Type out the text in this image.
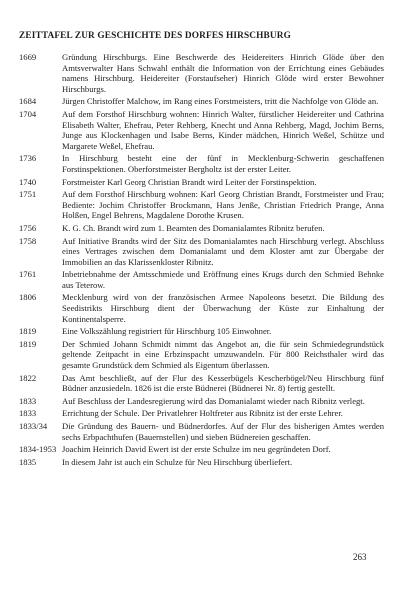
ZEITTAFEL ZUR GESCHICHTE DES DORFES HIRSCHBURG
1669	Gründung Hirschburgs. Eine Beschwerde des Heidereiters Hinrich Glöde über den Amtsverwalter Hans Schwahl enthält die Information von der Errichtung eines Gebäudes namens Hirschburg. Heidereiter (Forstaufseher) Hinrich Glöde wird erster Bewohner Hirschburgs.
1684	Jürgen Christoffer Malchow, im Rang eines Forstmeisters, tritt die Nachfolge von Glöde an.
1704	Auf dem Forsthof Hirschburg wohnen: Hinrich Walter, fürstlicher Heidereiter und Cathrina Elisabeth Walter, Ehefrau, Peter Rehberg, Knecht und Anna Rehberg, Magd, Jochim Berns, Junge aus Klockenhagen und Isabe Berns, Kinder mädchen, Hinrich Weßel, Schütze und Margarete Weßel, Ehefrau.
1736	In Hirschburg besteht eine der fünf in Mecklenburg-Schwerin geschaffenen Forstinspektionen. Oberforstmeister Bergholtz ist der erster Leiter.
1740	Forstmeister Karl Georg Christian Brandt wird Leiter der Forstinspektion.
1751	Auf dem Forsthof Hirschburg wohnen: Karl Georg Christian Brandt, Forstmeister und Frau; Bediente: Jochim Christoffer Brockmann, Hans Jenße, Christian Friedrich Prange, Anna Holßen, Engel Behrens, Magdalene Dorothe Krusen.
1756	K. G. Ch. Brandt wird zum 1. Beamten des Domanialamtes Ribnitz berufen.
1758	Auf Initiative Brandts wird der Sitz des Domanialamtes nach Hirschburg verlegt. Abschluss eines Vertrages zwischen dem Domanialamt und dem Kloster amt zur Übergabe der Immobilien an das Klarissenkloster Ribnitz.
1761	Inbetriebnahme der Amtsschmiede und Eröffnung eines Krugs durch den Schmied Behnke aus Teterow.
1806	Mecklenburg wird von der französischen Armee Napoleons besetzt. Die Bildung des Seedistrikts Hirschburg dient der Überwachung der Küste zur Einhaltung der Kontinentalsperre.
1819	Eine Volkszählung registriert für Hirschburg 105 Einwohner.
1819	Der Schmied Johann Schmidt nimmt das Angebot an, die für sein Schmiedegrundstück geltende Zeitpacht in eine Erbzinspacht umzuwandeln. Für 800 Reichsthaler wird das gesamte Grundstück dem Schmied als Eigentum überlassen.
1822	Das Amt beschließt, auf der Flur des Kesserbügels Kescherbögel/Neu Hirschburg fünf Büdner anzusiedeln. 1826 ist die erste Büdnerei (Büdnerei Nr. 8) fertig gestellt.
1833	Auf Beschluss der Landesregierung wird das Domanialamt wieder nach Ribnitz verlegt.
1833	Errichtung der Schule. Der Privatlehrer Holtfreter aus Ribnitz ist der erste Lehrer.
1833/34	Die Gründung des Bauern- und Büdnerdorfes. Auf der Flur des bisherigen Amtes werden sechs Erbpachthufen (Bauernstellen) und sieben Büdnereien geschaffen.
1834-1953 Joachim Heinrich David Ewert ist der erste Schulze im neu gegründeten Dorf.
1835	In diesem Jahr ist auch ein Schulze für Neu Hirschburg überliefert.
263
